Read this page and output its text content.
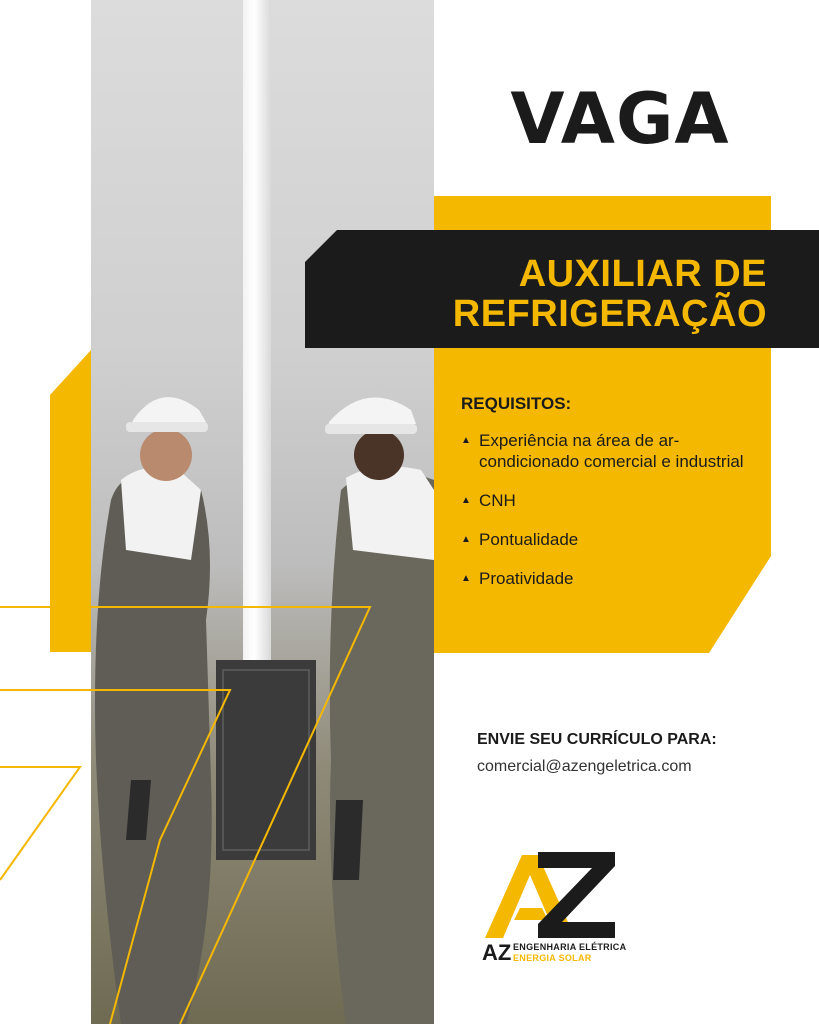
VAGA
AUXILIAR DE
REFRIGERAÇÃO
REQUISITOS:
▲ Experiência na área de ar-condicionado comercial e industrial
▲ CNH
▲ Pontualidade
▲ Proatividade
ENVIE SEU CURRÍCULO PARA:
comercial@azengeletrica.com
AZ ENGENHARIA ELÉTRICA
ENERGIA SOLAR
